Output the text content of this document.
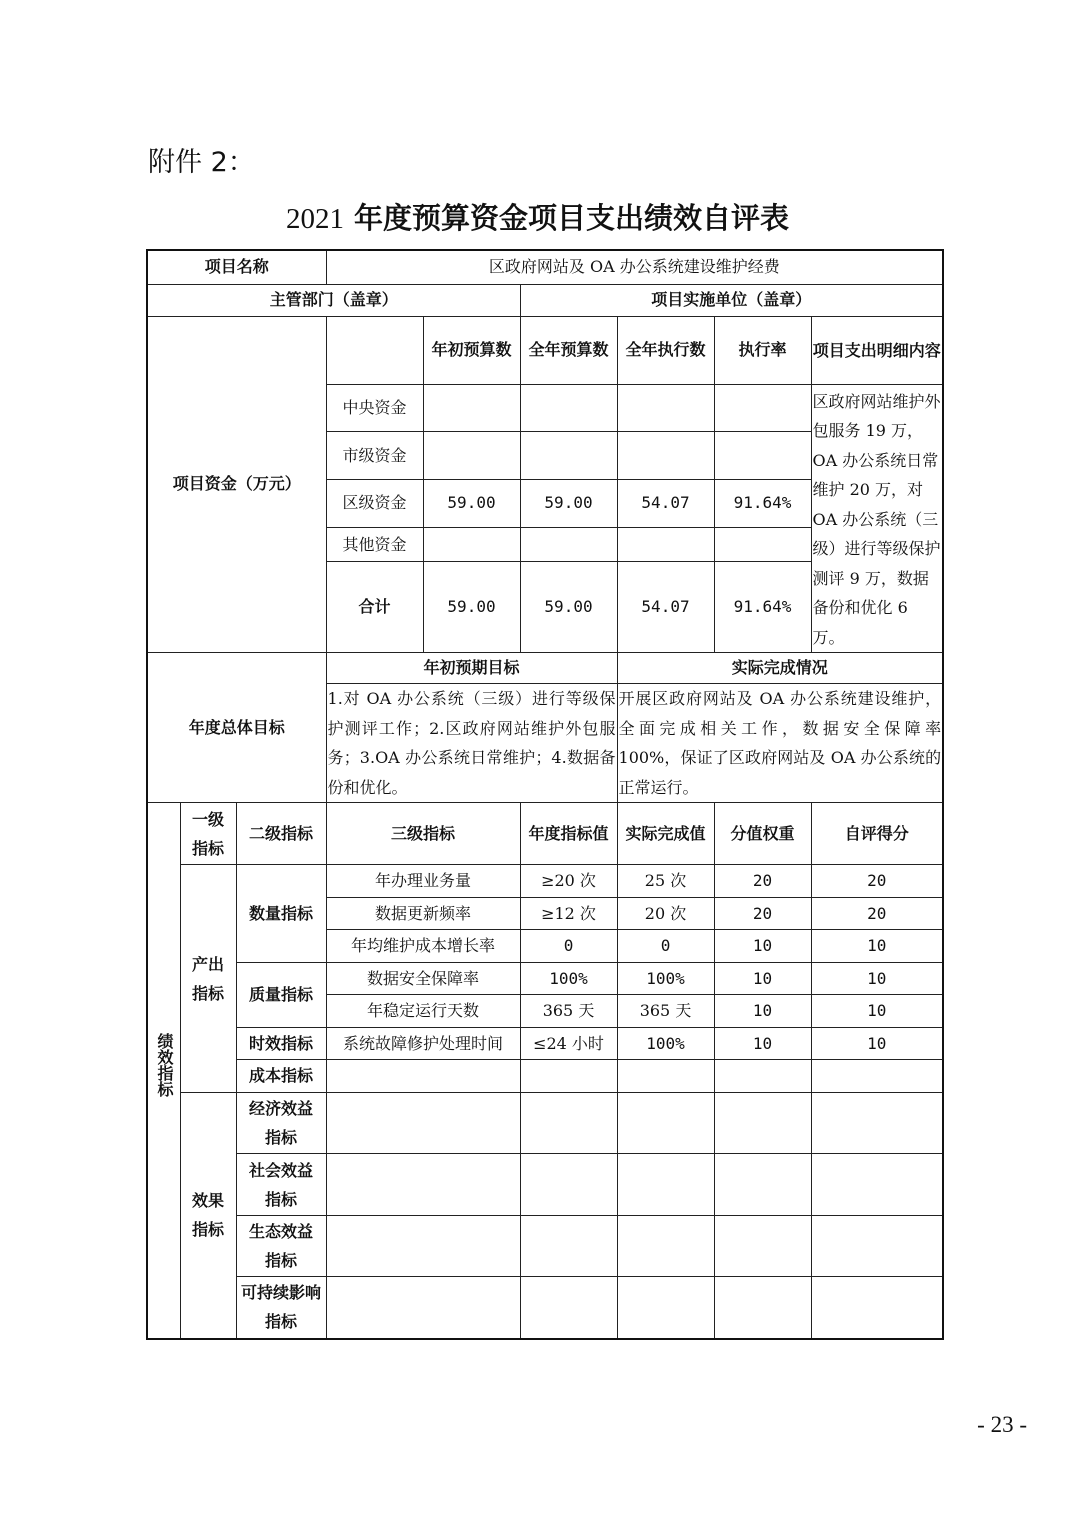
附件 2：
2021 年度预算资金项目支出绩效自评表
项目名称			区政府网站及 OA 办公系统建设维护经费					
主管部门（盖章）					项目实施单位（盖章）			
项目资金（万元）				年初预算数	全年预算数	全年执行数	执行率	项目支出明细内容

			中央资金					区政府网站维护外包服务 19 万，OA 办公系统日常维护 20 万，对 OA 办公系统（三级）进行等级保护测评 9 万，数据备份和优化 6 万。

			市级资金					
			区级资金	59.00	59.00	54.07	91.64%	
			其他资金					
			合计	59.00	59.00	54.07	91.64%	
年度总体目标			年初预期目标			实际完成情况		

			1.对 OA 办公系统（三级）进行等级保护测评工作；2.区政府网站维护外包服务；3.OA 办公系统日常维护；4.数据备份和优化。			开展区政府网站及 OA 办公系统建设维护，全面完成相关工作，数据安全保障率 100%，保证了区政府网站及 OA 办公系统的正常运行。		

绩效指标	一级指标	二级指标	三级指标		年度指标值	实际完成值	分值权重	自评得分

	产出指标	数量指标	年办理业务量		≥20 次	25 次	20	20
			数据更新频率		≥12 次	20 次	20	20
			年均维护成本增长率		0	0	10	10
		质量指标	数据安全保障率		100%	100%	10	10
			年稳定运行天数		365 天	365 天	10	10
		时效指标	系统故障修护处理时间		≤24 小时	100%	10	10
		成本指标						

	效果指标	经济效益指标						

		社会效益指标						

		生态效益指标						

		可持续影响指标						

- 23 -
